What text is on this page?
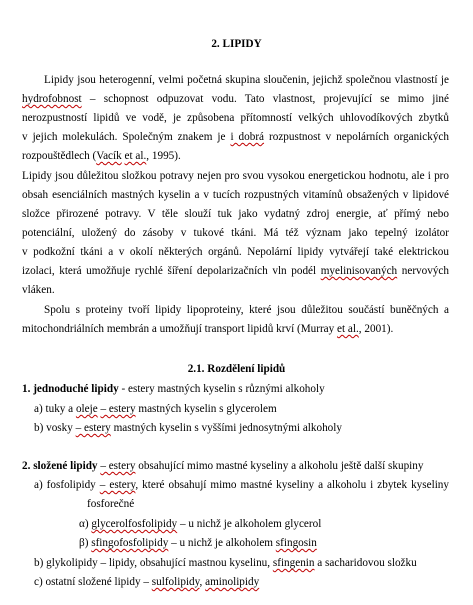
2. LIPIDY
Lipidy jsou heterogenní, velmi početná skupina sloučenin, jejichž společnou vlastností je
hydrofobnost – schopnost odpuzovat vodu. Tato vlastnost, projevující se mimo jiné
nerozpustností lipidů ve vodě, je způsobena přítomností velkých uhlovodíkových zbytků
v jejich molekulách. Společným znakem je i dobrá rozpustnost v nepolárních organických
rozpouštědlech (Vacík et al., 1995).
Lipidy jsou důležitou složkou potravy nejen pro svou vysokou energetickou hodnotu, ale i pro
obsah esenciálních mastných kyselin a v tucích rozpustných vitamínů obsažených v lipidové
složce přirozené potravy. V těle slouží tuk jako vydatný zdroj energie, ať přímý nebo
potenciální, uložený do zásoby v tukové tkáni. Má též význam jako tepelný izolátor
v podkožní tkáni a v okolí některých orgánů. Nepolární lipidy vytvářejí také elektrickou
izolaci, která umožňuje rychlé šíření depolarizačních vln podél myelinisovaných nervových
vláken.
Spolu s proteiny tvoří lipidy lipoproteiny, které jsou důležitou součástí buněčných a
mitochondriálních membrán a umožňují transport lipidů krví (Murray et al., 2001).
2.1. Rozdělení lipidů
1. jednoduché lipidy - estery mastných kyselin s různými alkoholy
a) tuky a oleje – estery mastných kyselin s glycerolem
b) vosky – estery mastných kyselin s vyššími jednosytnými alkoholy
2. složené lipidy – estery obsahující mimo mastné kyseliny a alkoholu ještě další skupiny
a) fosfolipidy – estery, které obsahují mimo mastné kyseliny a alkoholu i zbytek kyseliny
fosforečné
α) glycerolfosfolipidy – u nichž je alkoholem glycerol
β) sfingofosfolipidy – u nichž je alkoholem sfingosin
b) glykolipidy – lipidy, obsahující mastnou kyselinu, sfingenin a sacharidovou složku
c) ostatní složené lipidy – sulfolipidy, aminolipidy
